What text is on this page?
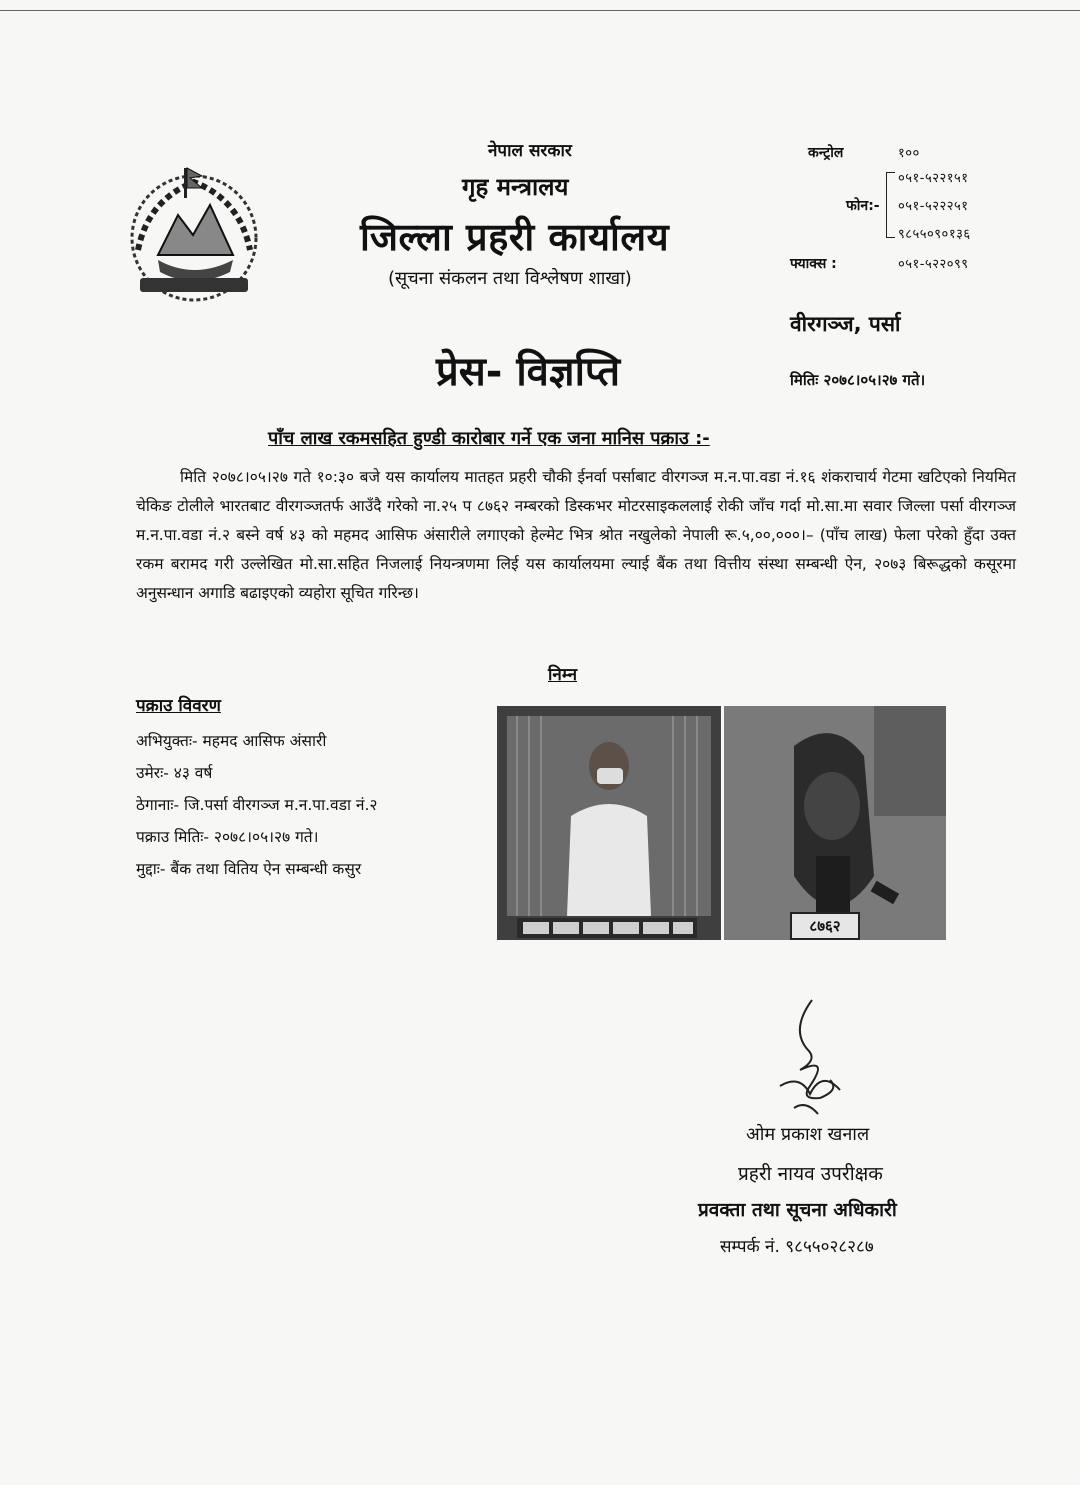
नेपाल सरकार
गृह मन्त्रालय
जिल्ला प्रहरी कार्यालय
(सूचना संकलन तथा विश्लेषण शाखा)
कन्ट्रोल	१००
फोन:-
०५१-५२२१५१
०५१-५२२२५१
९८५५०९०१३६
फ्याक्स :	०५१-५२२०९९
वीरगञ्ज, पर्सा
प्रेस- विज्ञप्ति	मितिः २०७८।०५।२७ गते।
पाँच लाख रकमसहित हुण्डी कारोबार गर्ने एक जना मानिस पक्राउ :-
मिति २०७८।०५।२७ गते १०:३० बजे यस कार्यालय मातहत प्रहरी चौकी ईनर्वा पर्साबाट वीरगञ्ज म.न.पा.वडा नं.१६ शंकराचार्य गेटमा खटिएको नियमित चेकिङ टोलीले भारतबाट वीरगञ्जतर्फ आउँदै गरेको ना.२५ प ८७६२ नम्बरको डिस्कभर मोटरसाइकललाई रोकी जाँच गर्दा मो.सा.मा सवार जिल्ला पर्सा वीरगञ्ज म.न.पा.वडा नं.२ बस्ने वर्ष ४३ को महमद आसिफ अंसारीले लगाएको हेल्मेट भित्र श्रोत नखुलेको नेपाली रू.५,००,०००।– (पाँच लाख) फेला परेको हुँदा उक्त रकम बरामद गरी उल्लेखित मो.सा.सहित निजलाई नियन्त्रणमा लिई यस कार्यालयमा ल्याई बैंक तथा वित्तीय संस्था सम्बन्धी ऐन, २०७३ बिरूद्धको कसूरमा अनुसन्धान अगाडि बढाइएको व्यहोरा सूचित गरिन्छ।
निम्न
पक्राउ विवरण
अभियुक्तः- महमद आसिफ अंसारी
उमेरः- ४३ वर्ष
ठेगानाः- जि.पर्सा वीरगञ्ज म.न.पा.वडा नं.२
पक्राउ मितिः- २०७८।०५।२७ गते।
मुद्दाः- बैंक तथा वितिय ऐन सम्बन्धी कसुर
८७६२
ओम प्रकाश खनाल
प्रहरी नायव उपरीक्षक
प्रवक्ता तथा सूचना अधिकारी
सम्पर्क नं. ९८५५०२८२८७
